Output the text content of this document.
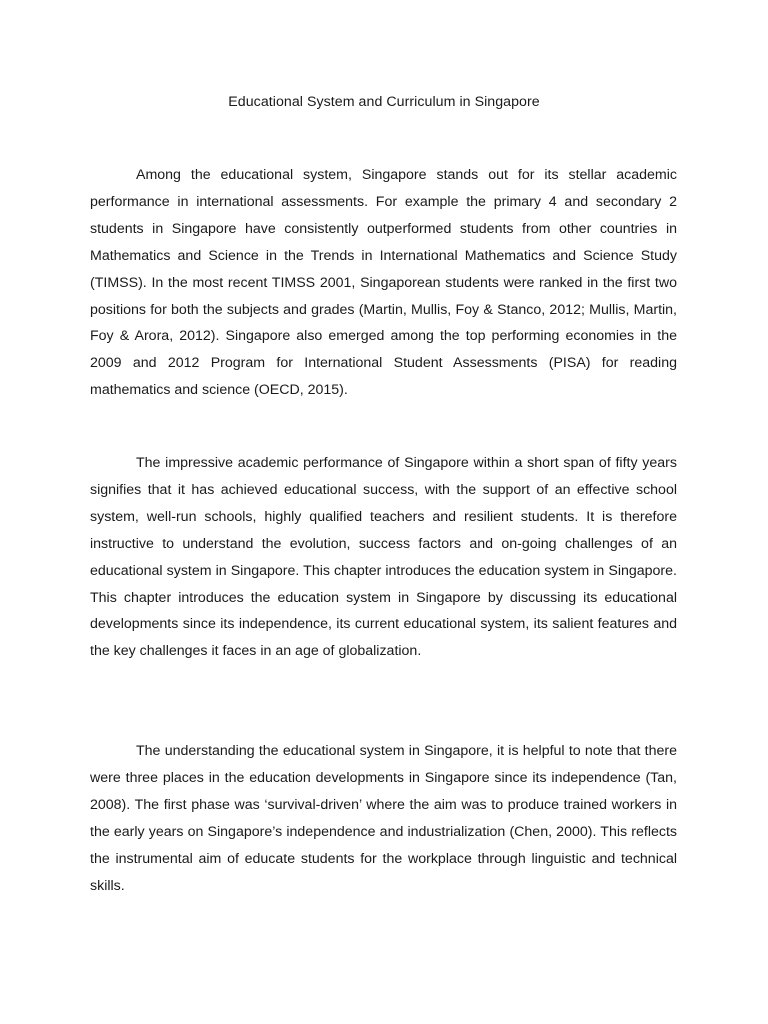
Educational System and Curriculum in Singapore

Among the educational system, Singapore stands out for its stellar academic performance in international assessments. For example the primary 4 and secondary 2 students in Singapore have consistently outperformed students from other countries in Mathematics and Science in the Trends in International Mathematics and Science Study (TIMSS). In the most recent TIMSS 2001, Singaporean students were ranked in the first two positions for both the subjects and grades (Martin, Mullis, Foy & Stanco, 2012; Mullis, Martin, Foy & Arora, 2012). Singapore also emerged among the top performing economies in the 2009 and 2012 Program for International Student Assessments (PISA) for reading mathematics and science (OECD, 2015).

The impressive academic performance of Singapore within a short span of fifty years signifies that it has achieved educational success, with the support of an effective school system, well-run schools, highly qualified teachers and resilient students. It is therefore instructive to understand the evolution, success factors and on-going challenges of an educational system in Singapore. This chapter introduces the education system in Singapore. This chapter introduces the education system in Singapore by discussing its educational developments since its independence, its current educational system, its salient features and the key challenges it faces in an age of globalization.

The understanding the educational system in Singapore, it is helpful to note that there were three places in the education developments in Singapore since its independence (Tan, 2008). The first phase was ‘survival-driven’ where the aim was to produce trained workers in the early years on Singapore’s independence and industrialization (Chen, 2000). This reflects the instrumental aim of educate students for the workplace through linguistic and technical skills.
